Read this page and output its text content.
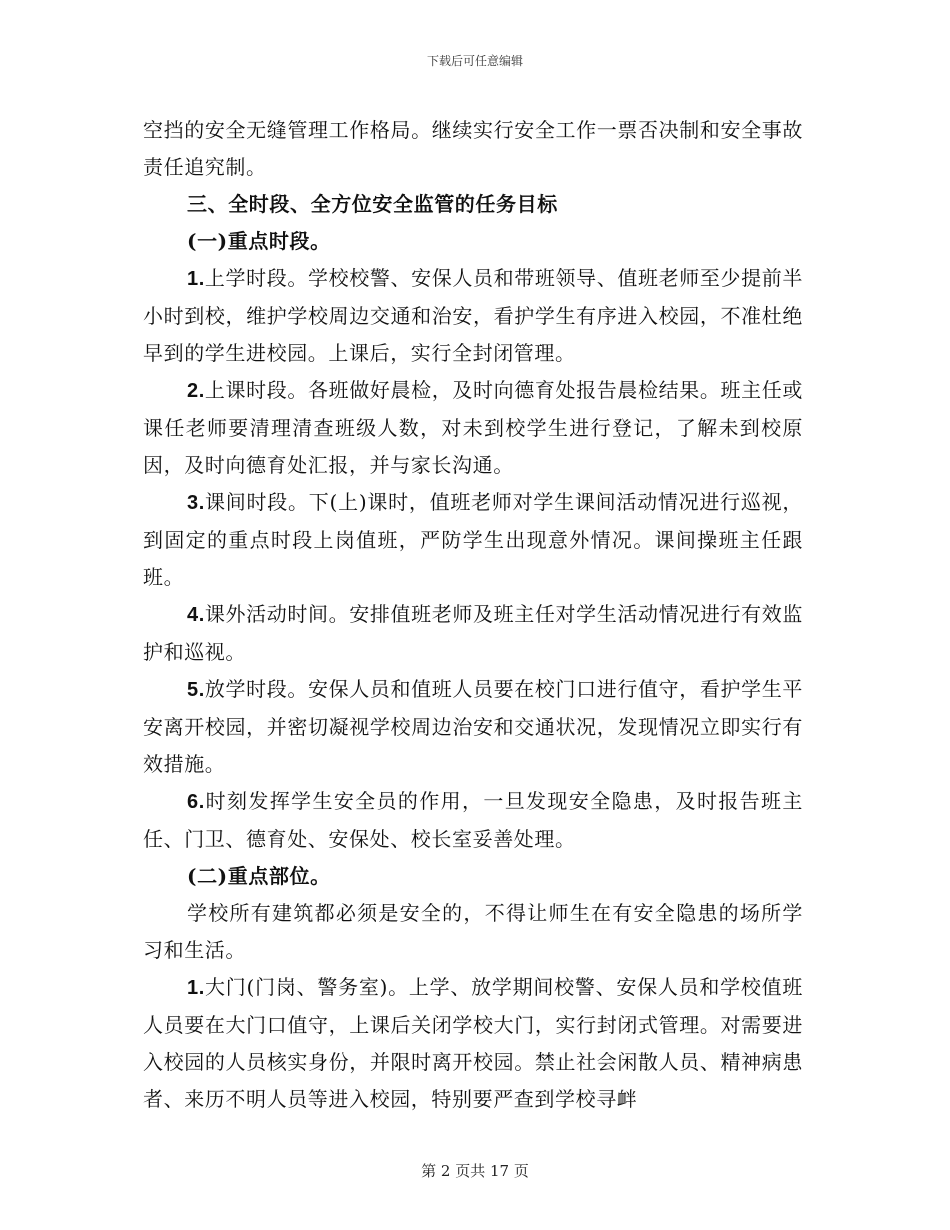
下载后可任意编辑

空挡的安全无缝管理工作格局。继续实行安全工作一票否决制和安全事故责任追究制。

三、全时段、全方位安全监管的任务目标

(一)重点时段。

1.上学时段。学校校警、安保人员和带班领导、值班老师至少提前半小时到校，维护学校周边交通和治安，看护学生有序进入校园，不准杜绝早到的学生进校园。上课后，实行全封闭管理。

2.上课时段。各班做好晨检，及时向德育处报告晨检结果。班主任或课任老师要清理清查班级人数，对未到校学生进行登记，了解未到校原因，及时向德育处汇报，并与家长沟通。

3.课间时段。下(上)课时，值班老师对学生课间活动情况进行巡视，到固定的重点时段上岗值班，严防学生出现意外情况。课间操班主任跟班。

4.课外活动时间。安排值班老师及班主任对学生活动情况进行有效监护和巡视。

5.放学时段。安保人员和值班人员要在校门口进行值守，看护学生平安离开校园，并密切凝视学校周边治安和交通状况，发现情况立即实行有效措施。

6.时刻发挥学生安全员的作用，一旦发现安全隐患，及时报告班主任、门卫、德育处、安保处、校长室妥善处理。

(二)重点部位。

学校所有建筑都必须是安全的，不得让师生在有安全隐患的场所学习和生活。

1.大门(门岗、警务室)。上学、放学期间校警、安保人员和学校值班人员要在大门口值守，上课后关闭学校大门，实行封闭式管理。对需要进入校园的人员核实身份，并限时离开校园。禁止社会闲散人员、精神病患者、来历不明人员等进入校园，特别要严查到学校寻衅

第 2 页共 17 页
